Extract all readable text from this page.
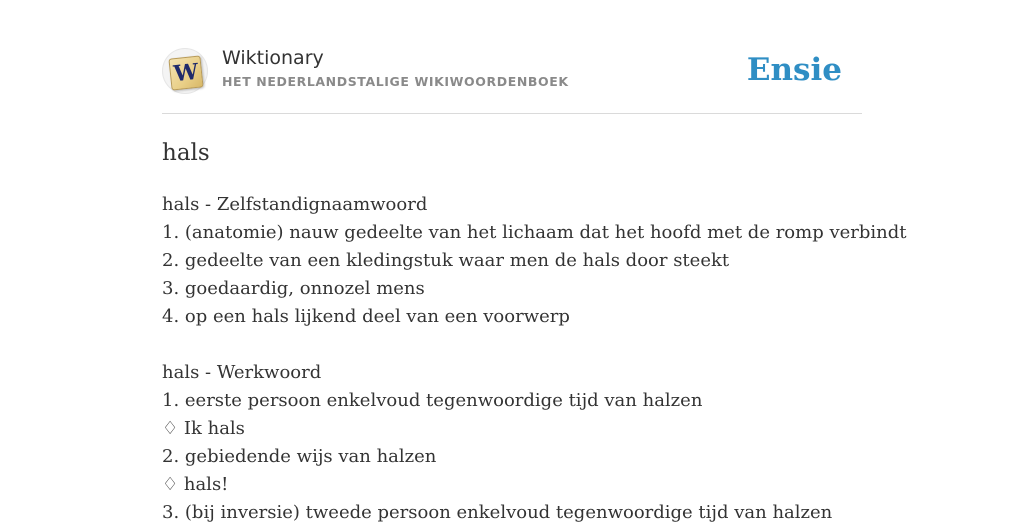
W
Wiktionary
HET NEDERLANDSTALIGE WIKIWOORDENBOEK	Ensie
hals
hals - Zelfstandignaamwoord
1. (anatomie) nauw gedeelte van het lichaam dat het hoofd met de romp verbindt
2. gedeelte van een kledingstuk waar men de hals door steekt
3. goedaardig, onnozel mens
4. op een hals lijkend deel van een voorwerp
hals - Werkwoord
1. eerste persoon enkelvoud tegenwoordige tijd van halzen
♢ Ik hals
2. gebiedende wijs van halzen
♢ hals!
3. (bij inversie) tweede persoon enkelvoud tegenwoordige tijd van halzen
